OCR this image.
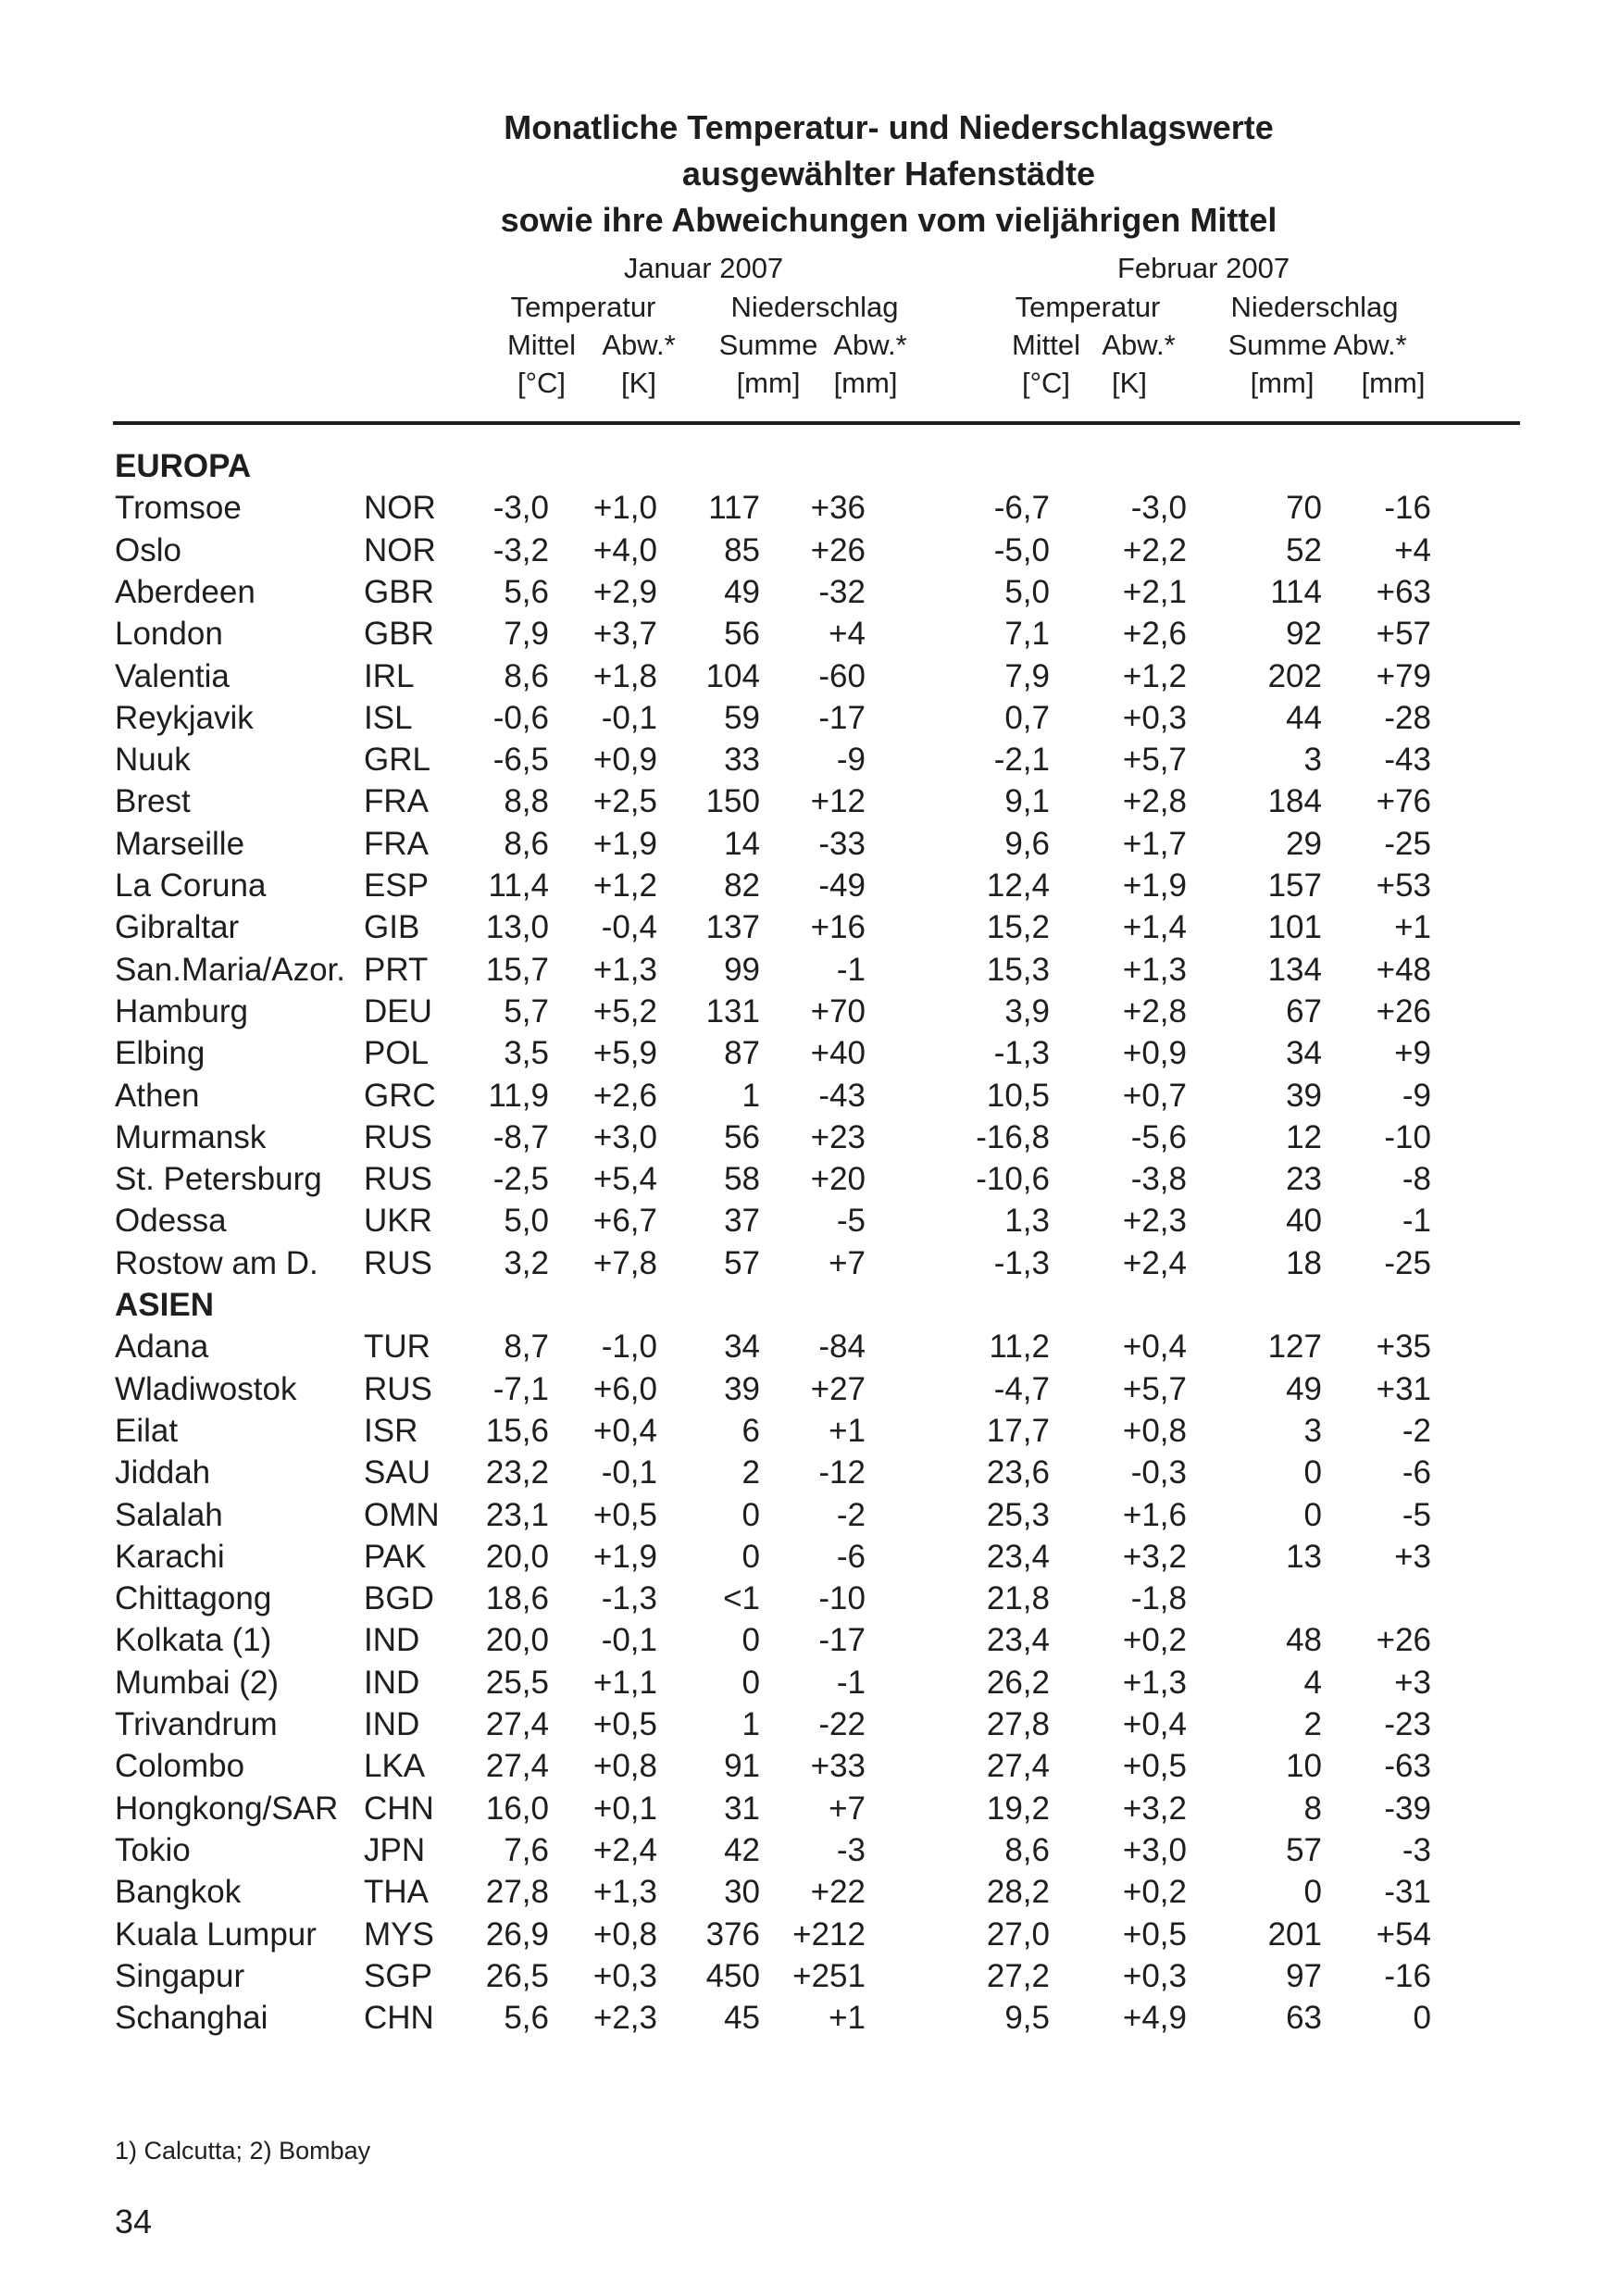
Monatliche Temperatur- und Niederschlagswerte
ausgewählter Hafenstädte
sowie ihre Abweichungen vom vieljährigen Mittel
Januar 2007	Februar 2007
Temperatur	Niederschlag	Temperatur	Niederschlag
Mittel Abw.*	Summe Abw.*	Mittel Abw.*	Summe Abw.*
[°C]	[K]	[mm]	[mm]	[°C]	[K]	[mm]	[mm]
EUROPA
Tromsoe	NOR	-3,0	+1,0	117	+36	-6,7	-3,0	70	-16
Oslo	NOR	-3,2	+4,0	85	+26	-5,0	+2,2	52	+4
Aberdeen	GBR	5,6	+2,9	49	-32	5,0	+2,1	114	+63
London	GBR	7,9	+3,7	56	+4	7,1	+2,6	92	+57
Valentia	IRL	8,6	+1,8	104	-60	7,9	+1,2	202	+79
Reykjavik	ISL	-0,6	-0,1	59	-17	0,7	+0,3	44	-28
Nuuk	GRL	-6,5	+0,9	33	-9	-2,1	+5,7	3	-43
Brest	FRA	8,8	+2,5	150	+12	9,1	+2,8	184	+76
Marseille	FRA	8,6	+1,9	14	-33	9,6	+1,7	29	-25
La Coruna	ESP	11,4	+1,2	82	-49	12,4	+1,9	157	+53
Gibraltar	GIB	13,0	-0,4	137	+16	15,2	+1,4	101	+1
San.Maria/Azor. PRT	15,7	+1,3	99	-1	15,3	+1,3	134	+48
Hamburg	DEU	5,7	+5,2	131	+70	3,9	+2,8	67	+26
Elbing	POL	3,5	+5,9	87	+40	-1,3	+0,9	34	+9
Athen	GRC	11,9	+2,6	1	-43	10,5	+0,7	39	-9
Murmansk	RUS	-8,7	+3,0	56	+23	-16,8	-5,6	12	-10
St. Petersburg RUS	-2,5	+5,4	58	+20	-10,6	-3,8	23	-8
Odessa	UKR	5,0	+6,7	37	-5	1,3	+2,3	40	-1
Rostow am D. RUS	3,2	+7,8	57	+7	-1,3	+2,4	18	-25
ASIEN
Adana	TUR	8,7	-1,0	34	-84	11,2	+0,4	127	+35
Wladiwostok RUS	-7,1	+6,0	39	+27	-4,7	+5,7	49	+31
Eilat	ISR	15,6	+0,4	6	+1	17,7	+0,8	3	-2
Jiddah	SAU	23,2	-0,1	2	-12	23,6	-0,3	0	-6
Salalah	OMN	23,1	+0,5	0	-2	25,3	+1,6	0	-5
Karachi	PAK	20,0	+1,9	0	-6	23,4	+3,2	13	+3
Chittagong	BGD	18,6	-1,3	<1	-10	21,8	-1,8
Kolkata (1)	IND	20,0	-0,1	0	-17	23,4	+0,2	48	+26
Mumbai (2)	IND	25,5	+1,1	0	-1	26,2	+1,3	4	+3
Trivandrum	IND	27,4	+0,5	1	-22	27,8	+0,4	2	-23
Colombo	LKA	27,4	+0,8	91	+33	27,4	+0,5	10	-63
Hongkong/SAR CHN	16,0	+0,1	31	+7	19,2	+3,2	8	-39
Tokio	JPN	7,6	+2,4	42	-3	8,6	+3,0	57	-3
Bangkok	THA	27,8	+1,3	30	+22	28,2	+0,2	0	-31
Kuala Lumpur MYS	26,9	+0,8	376	+212	27,0	+0,5	201	+54
Singapur	SGP	26,5	+0,3	450	+251	27,2	+0,3	97	-16
Schanghai	CHN	5,6	+2,3	45	+1	9,5	+4,9	63	0
1) Calcutta; 2) Bombay
34
